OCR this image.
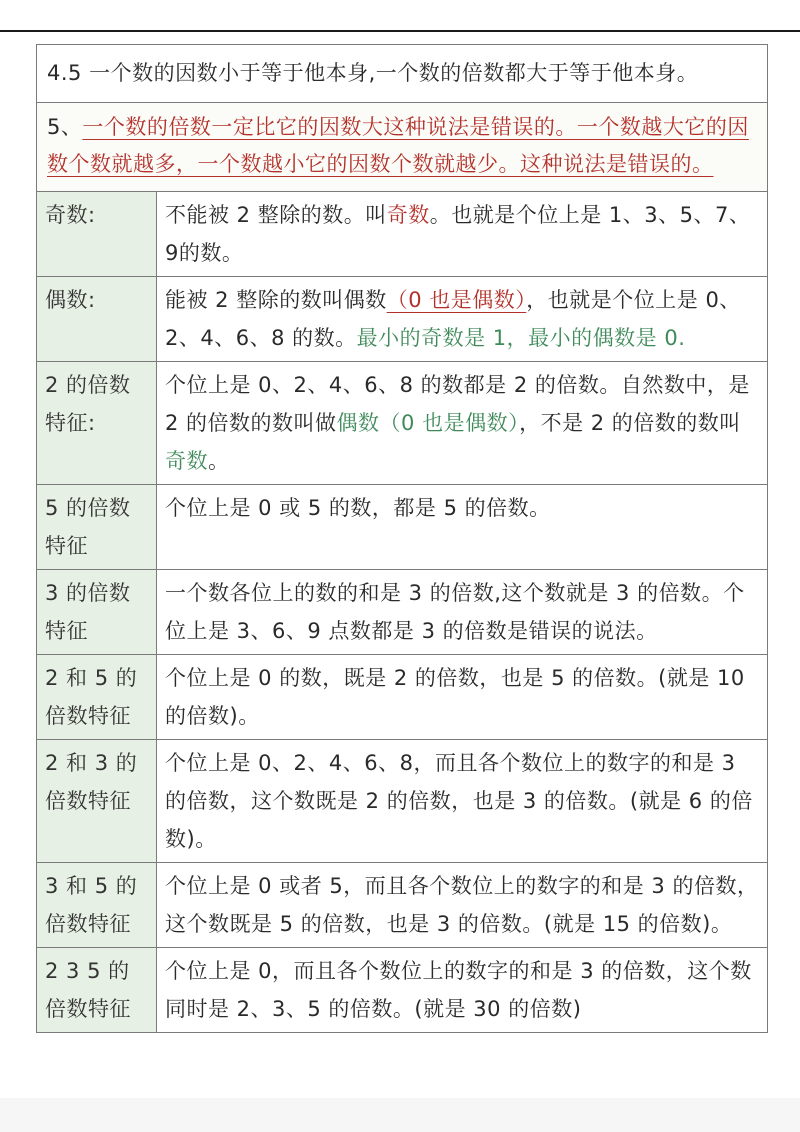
4.5 一个数的因数小于等于他本身,一个数的倍数都大于等于他本身。
5、一个数的倍数一定比它的因数大这种说法是错误的。一个数越大它的因数个数就越多，一个数越小它的因数个数就越少。这种说法是错误的。
奇数:	不能被 2 整除的数。叫奇数。也就是个位上是 1、3、5、7、9的数。
偶数:	能被 2 整除的数叫偶数（0 也是偶数），也就是个位上是 0、2、4、6、8 的数。最小的奇数是 1，最小的偶数是 0.
2 的倍数特征:	个位上是 0、2、4、6、8 的数都是 2 的倍数。自然数中，是 2 的倍数的数叫做偶数（0 也是偶数），不是 2 的倍数的数叫奇数。
5 的倍数特征	个位上是 0 或 5 的数，都是 5 的倍数。
3 的倍数特征	一个数各位上的数的和是 3 的倍数,这个数就是 3 的倍数。个位上是 3、6、9 点数都是 3 的倍数是错误的说法。
2 和 5 的倍数特征	个位上是 0 的数，既是 2 的倍数，也是 5 的倍数。(就是 10 的倍数)。
2 和 3 的倍数特征	个位上是 0、2、4、6、8，而且各个数位上的数字的和是 3 的倍数，这个数既是 2 的倍数，也是 3 的倍数。(就是 6 的倍数)。
3 和 5 的倍数特征	个位上是 0 或者 5，而且各个数位上的数字的和是 3 的倍数，这个数既是 5 的倍数，也是 3 的倍数。(就是 15 的倍数)。
2 3 5 的倍数特征	个位上是 0，而且各个数位上的数字的和是 3 的倍数，这个数同时是 2、3、5 的倍数。(就是 30 的倍数)
